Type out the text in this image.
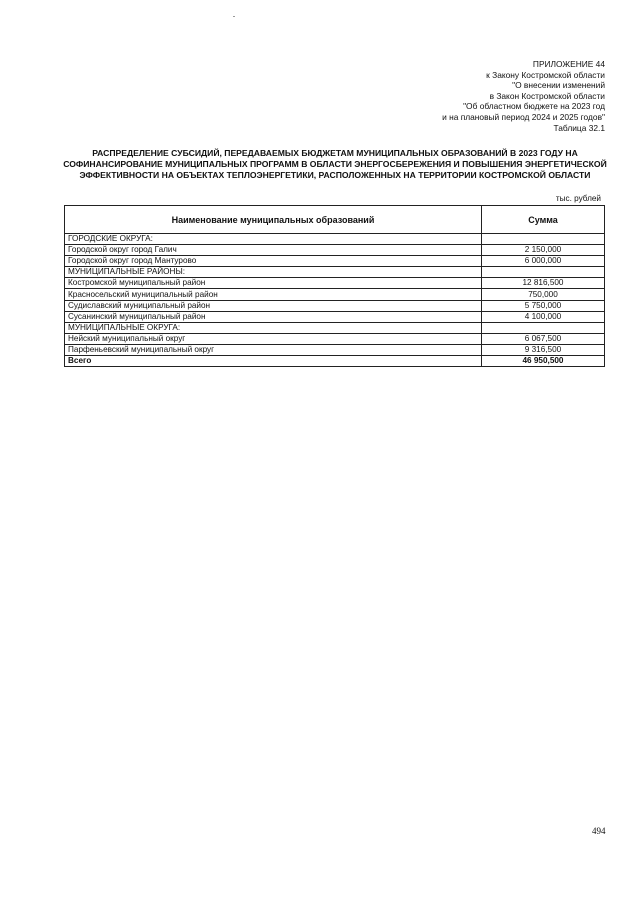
ПРИЛОЖЕНИЕ 44
к Закону Костромской области
"О внесении изменений
в Закон Костромской области
"Об областном бюджете на 2023 год
и на плановый период 2024 и 2025 годов"
Таблица 32.1
РАСПРЕДЕЛЕНИЕ СУБСИДИЙ, ПЕРЕДАВАЕМЫХ БЮДЖЕТАМ МУНИЦИПАЛЬНЫХ ОБРАЗОВАНИЙ В 2023 ГОДУ НА СОФИНАНСИРОВАНИЕ МУНИЦИПАЛЬНЫХ ПРОГРАММ В ОБЛАСТИ ЭНЕРГОСБЕРЕЖЕНИЯ И ПОВЫШЕНИЯ ЭНЕРГЕТИЧЕСКОЙ ЭФФЕКТИВНОСТИ НА ОБЪЕКТАХ ТЕПЛОЭНЕРГЕТИКИ, РАСПОЛОЖЕННЫХ НА ТЕРРИТОРИИ КОСТРОМСКОЙ ОБЛАСТИ
тыс. рублей
Наименование муниципальных образований	Сумма
ГОРОДСКИЕ ОКРУГА:	
Городской округ город Галич	2 150,000
Городской округ город Мантурово	6 000,000
МУНИЦИПАЛЬНЫЕ РАЙОНЫ:	
Костромской муниципальный район	12 816,500
Красносельский муниципальный район	750,000
Судиславский муниципальный район	5 750,000
Сусанинский муниципальный район	4 100,000
МУНИЦИПАЛЬНЫЕ ОКРУГА:	
Нейский муниципальный округ	6 067,500
Парфеньевский муниципальный округ	9 316,500
Всего	46 950,500
494
